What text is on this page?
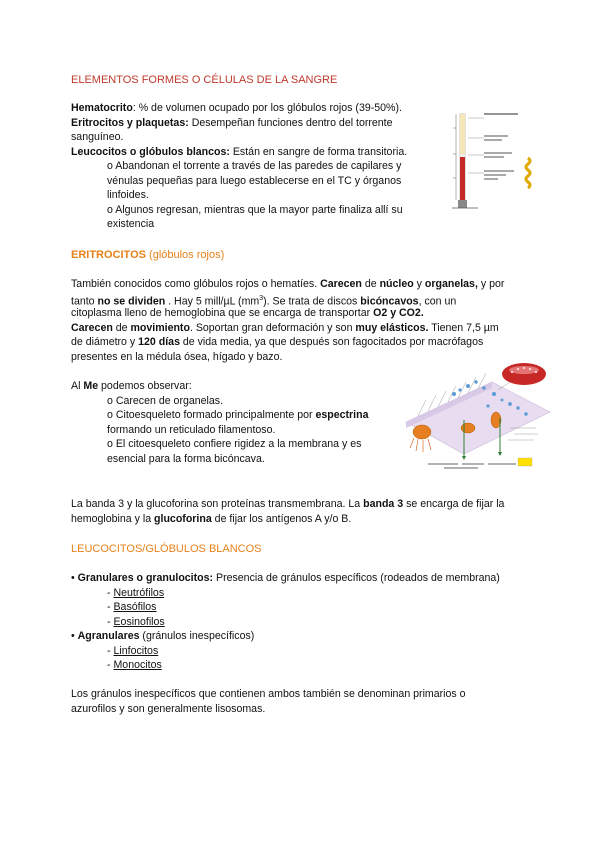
ELEMENTOS FORMES O CÉLULAS DE LA SANGRE
Hematocrito: % de volumen ocupado por los glóbulos rojos (39-50%).
Eritrocitos y plaquetas: Desempeñan funciones dentro del torrente
sanguíneo.
Leucocitos o glóbulos blancos: Están en sangre de forma transitoria.
o Abandonan el torrente a través de las paredes de capilares y
vénulas pequeñas para luego establecerse en el TC y órganos
linfoides.
o Algunos regresan, mientras que la mayor parte finaliza allí su
existencia
ERITROCITOS (glóbulos rojos)
También conocidos como glóbulos rojos o hematíes. Carecen de núcleo y organelas, y por
tanto no se dividen . Hay 5 mill/µL $(mm^3)$. Se trata de discos bicóncavos, con un
citoplasma lleno de hemoglobina que se encarga de transportar O2 y CO2.
Carecen de movimiento. Soportan gran deformación y son muy elásticos. Tienen 7,5 µm
de diámetro y 120 días de vida media, ya que después son fagocitados por macrófagos
presentes en la médula ósea, hígado y bazo.
Al Me podemos observar:
o Carecen de organelas.
o Citoesqueleto formado principalmente por espectrina
formando un reticulado filamentoso.
o El citoesqueleto confiere rigidez a la membrana y es
esencial para la forma bicóncava.
La banda 3 y la glucoforina son proteínas transmembrana. La banda 3 se encarga de fijar la
hemoglobina y la glucoforina de fijar los antígenos A y/o B.
LEUCOCITOS/GLÓBULOS BLANCOS
• Granulares o granulocitos: Presencia de gránulos específicos (rodeados de membrana)
- Neutrófilos
- Basófilos
- Eosinofilos
• Agranulares (gránulos inespecíficos)
- Linfocitos
- Monocitos
Los gránulos inespecíficos que contienen ambos también se denominan primarios o
azurofilos y son generalmente lisosomas.
